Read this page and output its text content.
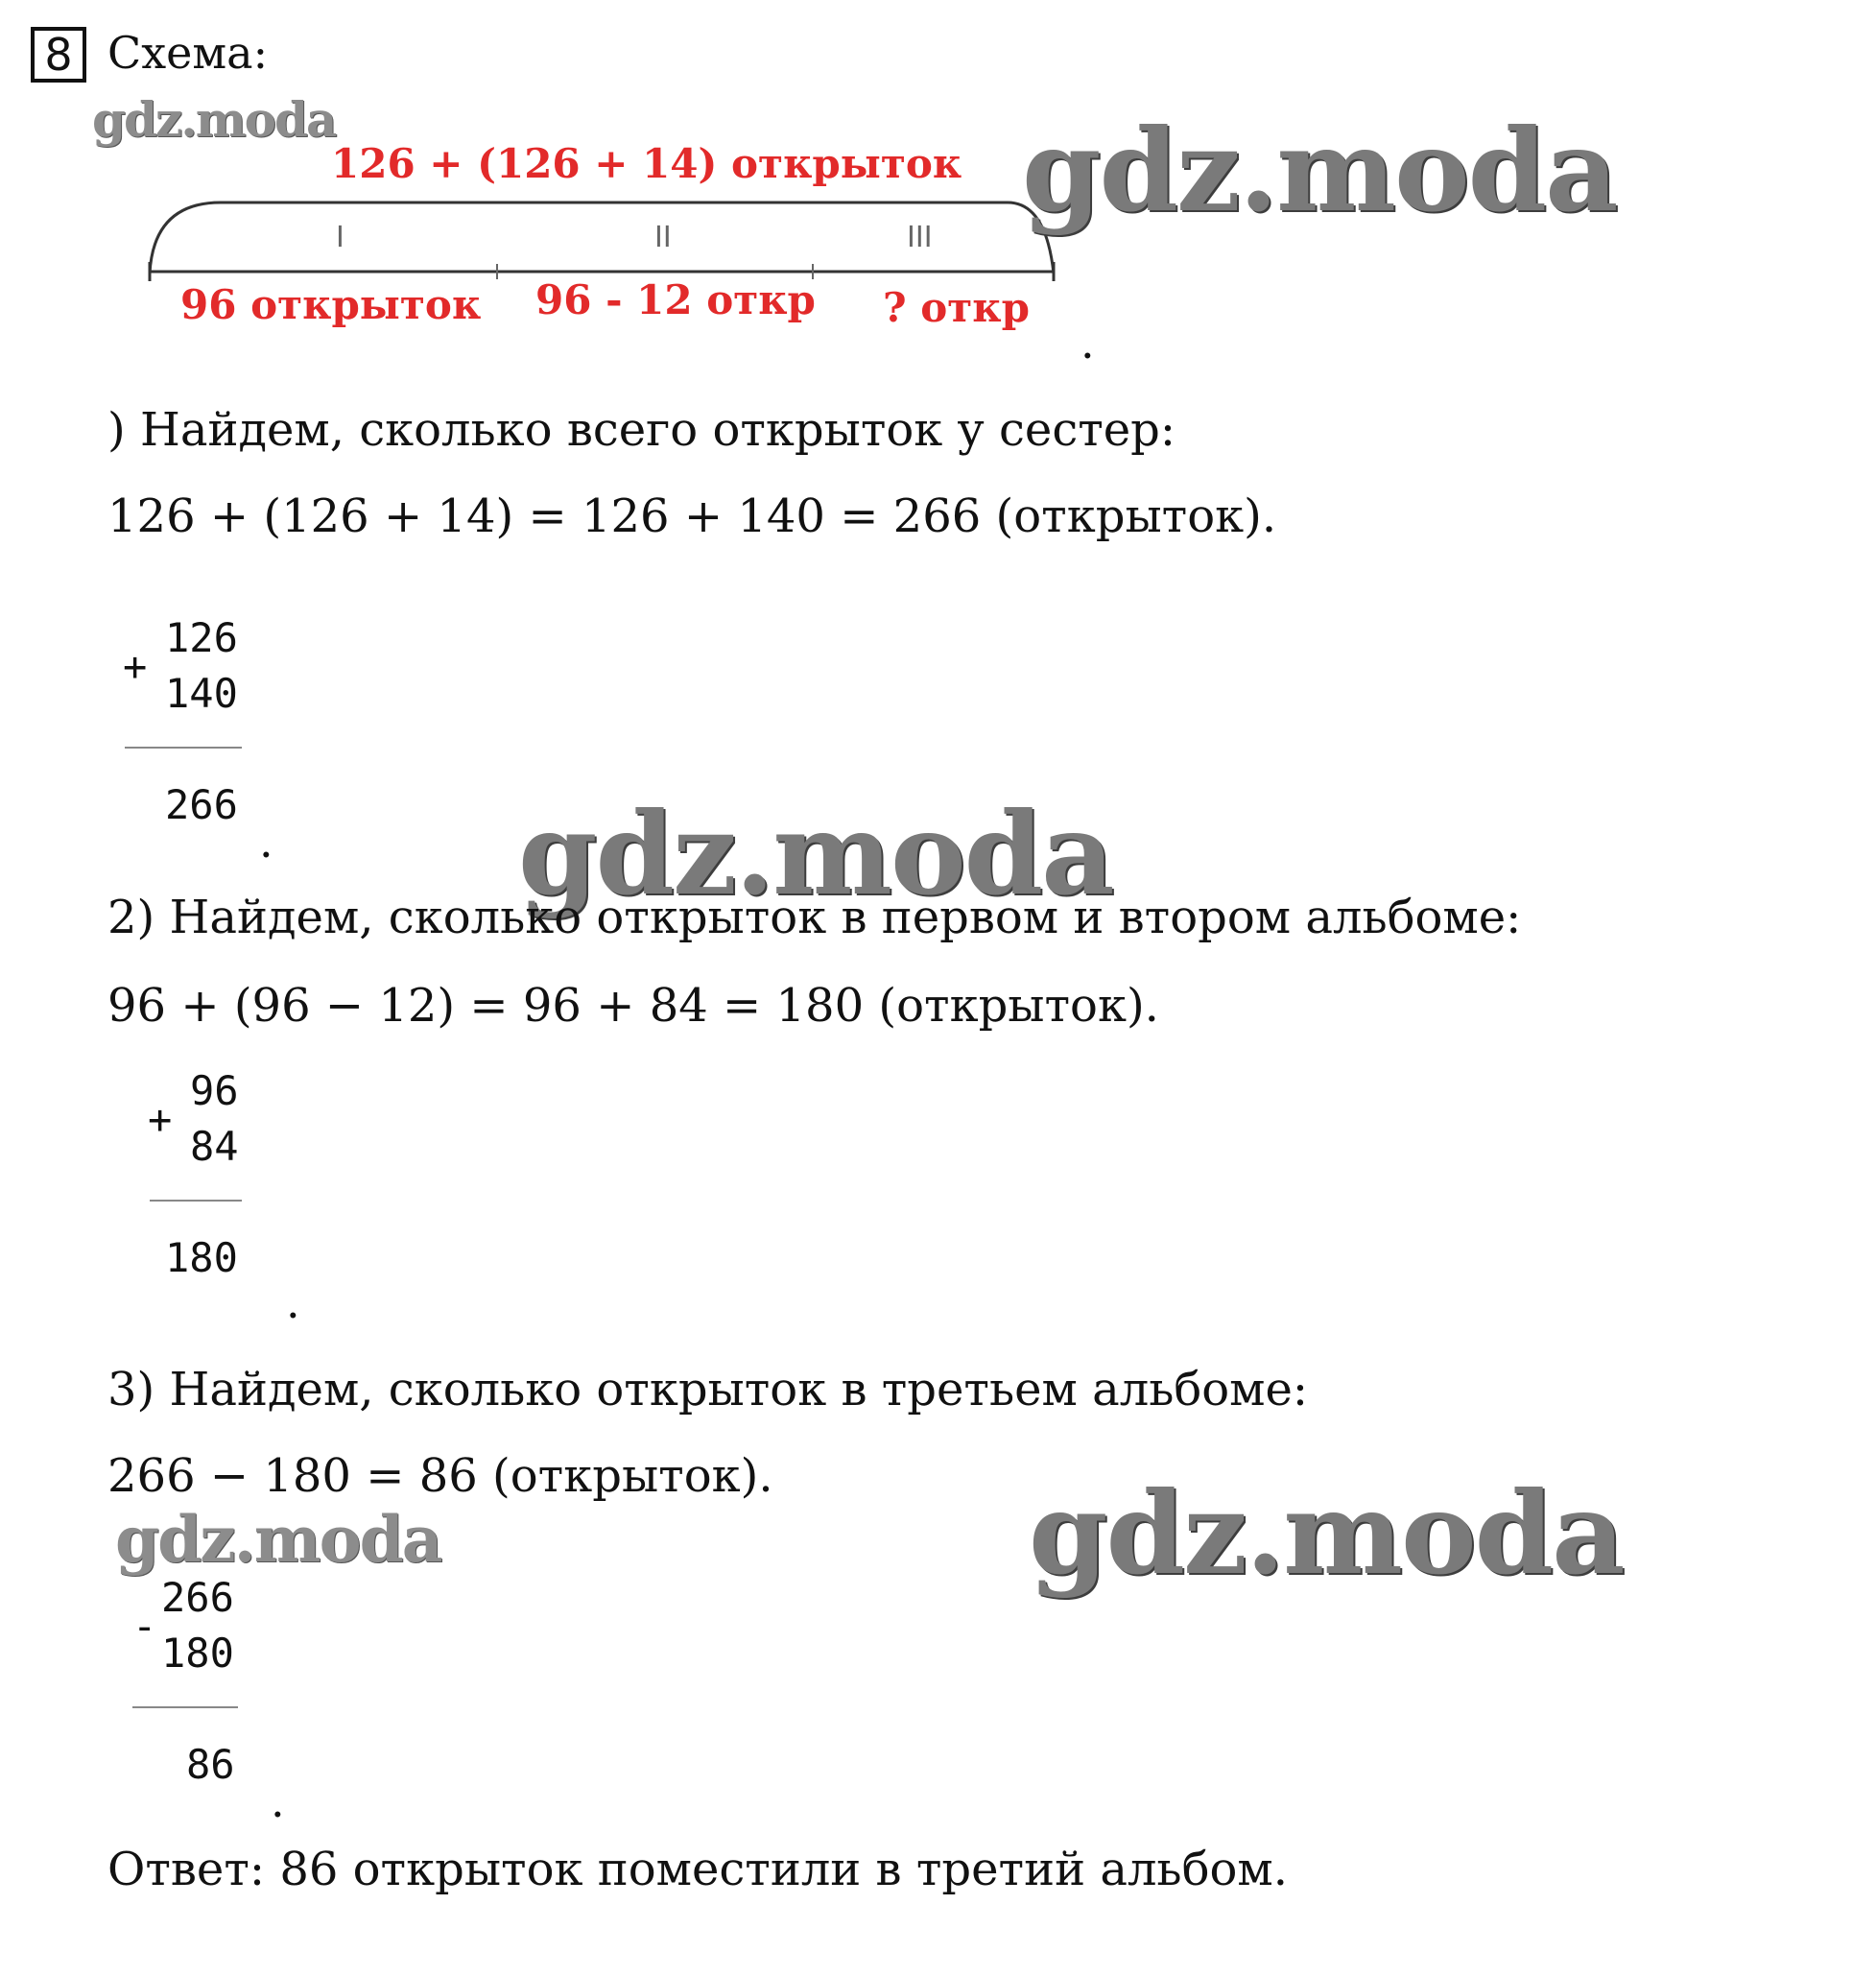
8 Схема:
gdz.moda
126 + (126 + 14) открыток
I	II	III
96 открыток 96 - 12 откр ? откр
gdz.moda
.
) Найдем, сколько всего открыток у сестер:
126 + (126 + 14) = 126 + 140 = 266 (открыток).
+
126
140
266
. gdz.moda
2) Найдем, сколько открыток в первом и втором альбоме:
96 + (96 − 12) = 96 + 84 = 180 (открыток).
+
96
84
180
.
3) Найдем, сколько открыток в третьем альбоме:
266 − 180 = 86 (открыток).
gdz.moda	gdz.moda
-
266
180
86
.
Ответ: 86 открыток поместили в третий альбом.
